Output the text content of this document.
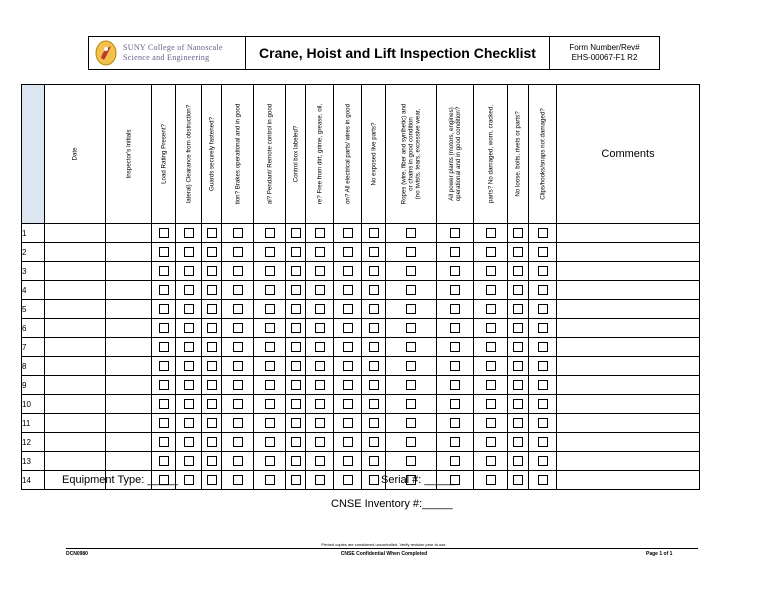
SUNY College of Nanoscale
Science and Engineering	Crane, Hoist and Lift Inspection Checklist	Form Number/Rev#
EHS-00067-F1 R2

	Date	Inspector's Initials	Load Rating Present?	lateral) Clearance from obstruction?	Guards securely fastened?	tion? Brakes operational and in good	al? Pendant/ Remote control in good	Control box labeled?	re? Free from dirt, grime, grease, oil,	on? All electrical parts/ wires in good	No exposed live parts?	Ropes (wire, fiber and synthetic) and
or chains in good condition
(no twists, tears, excessive wear,	All power plants (motors, engines)
operational and in good condition?	parts? No damaged, worn, cracked,	No loose, bolts, rivets or parts?	Clips/hooks/snaps not damaged?	Comments
1																	
2																	
3																	
4																	
5																	
6																	
7																	
8																	
9																	
10																	
11																	
12																	
13																	
14																		Equipment Type: _____	Serial #: _____
CNSE Inventory #:_____
Printed copies are considered uncontrolled. Verify revision prior to use.
DCN0980	CNSE Confidential When Completed	Page 1 of 1
